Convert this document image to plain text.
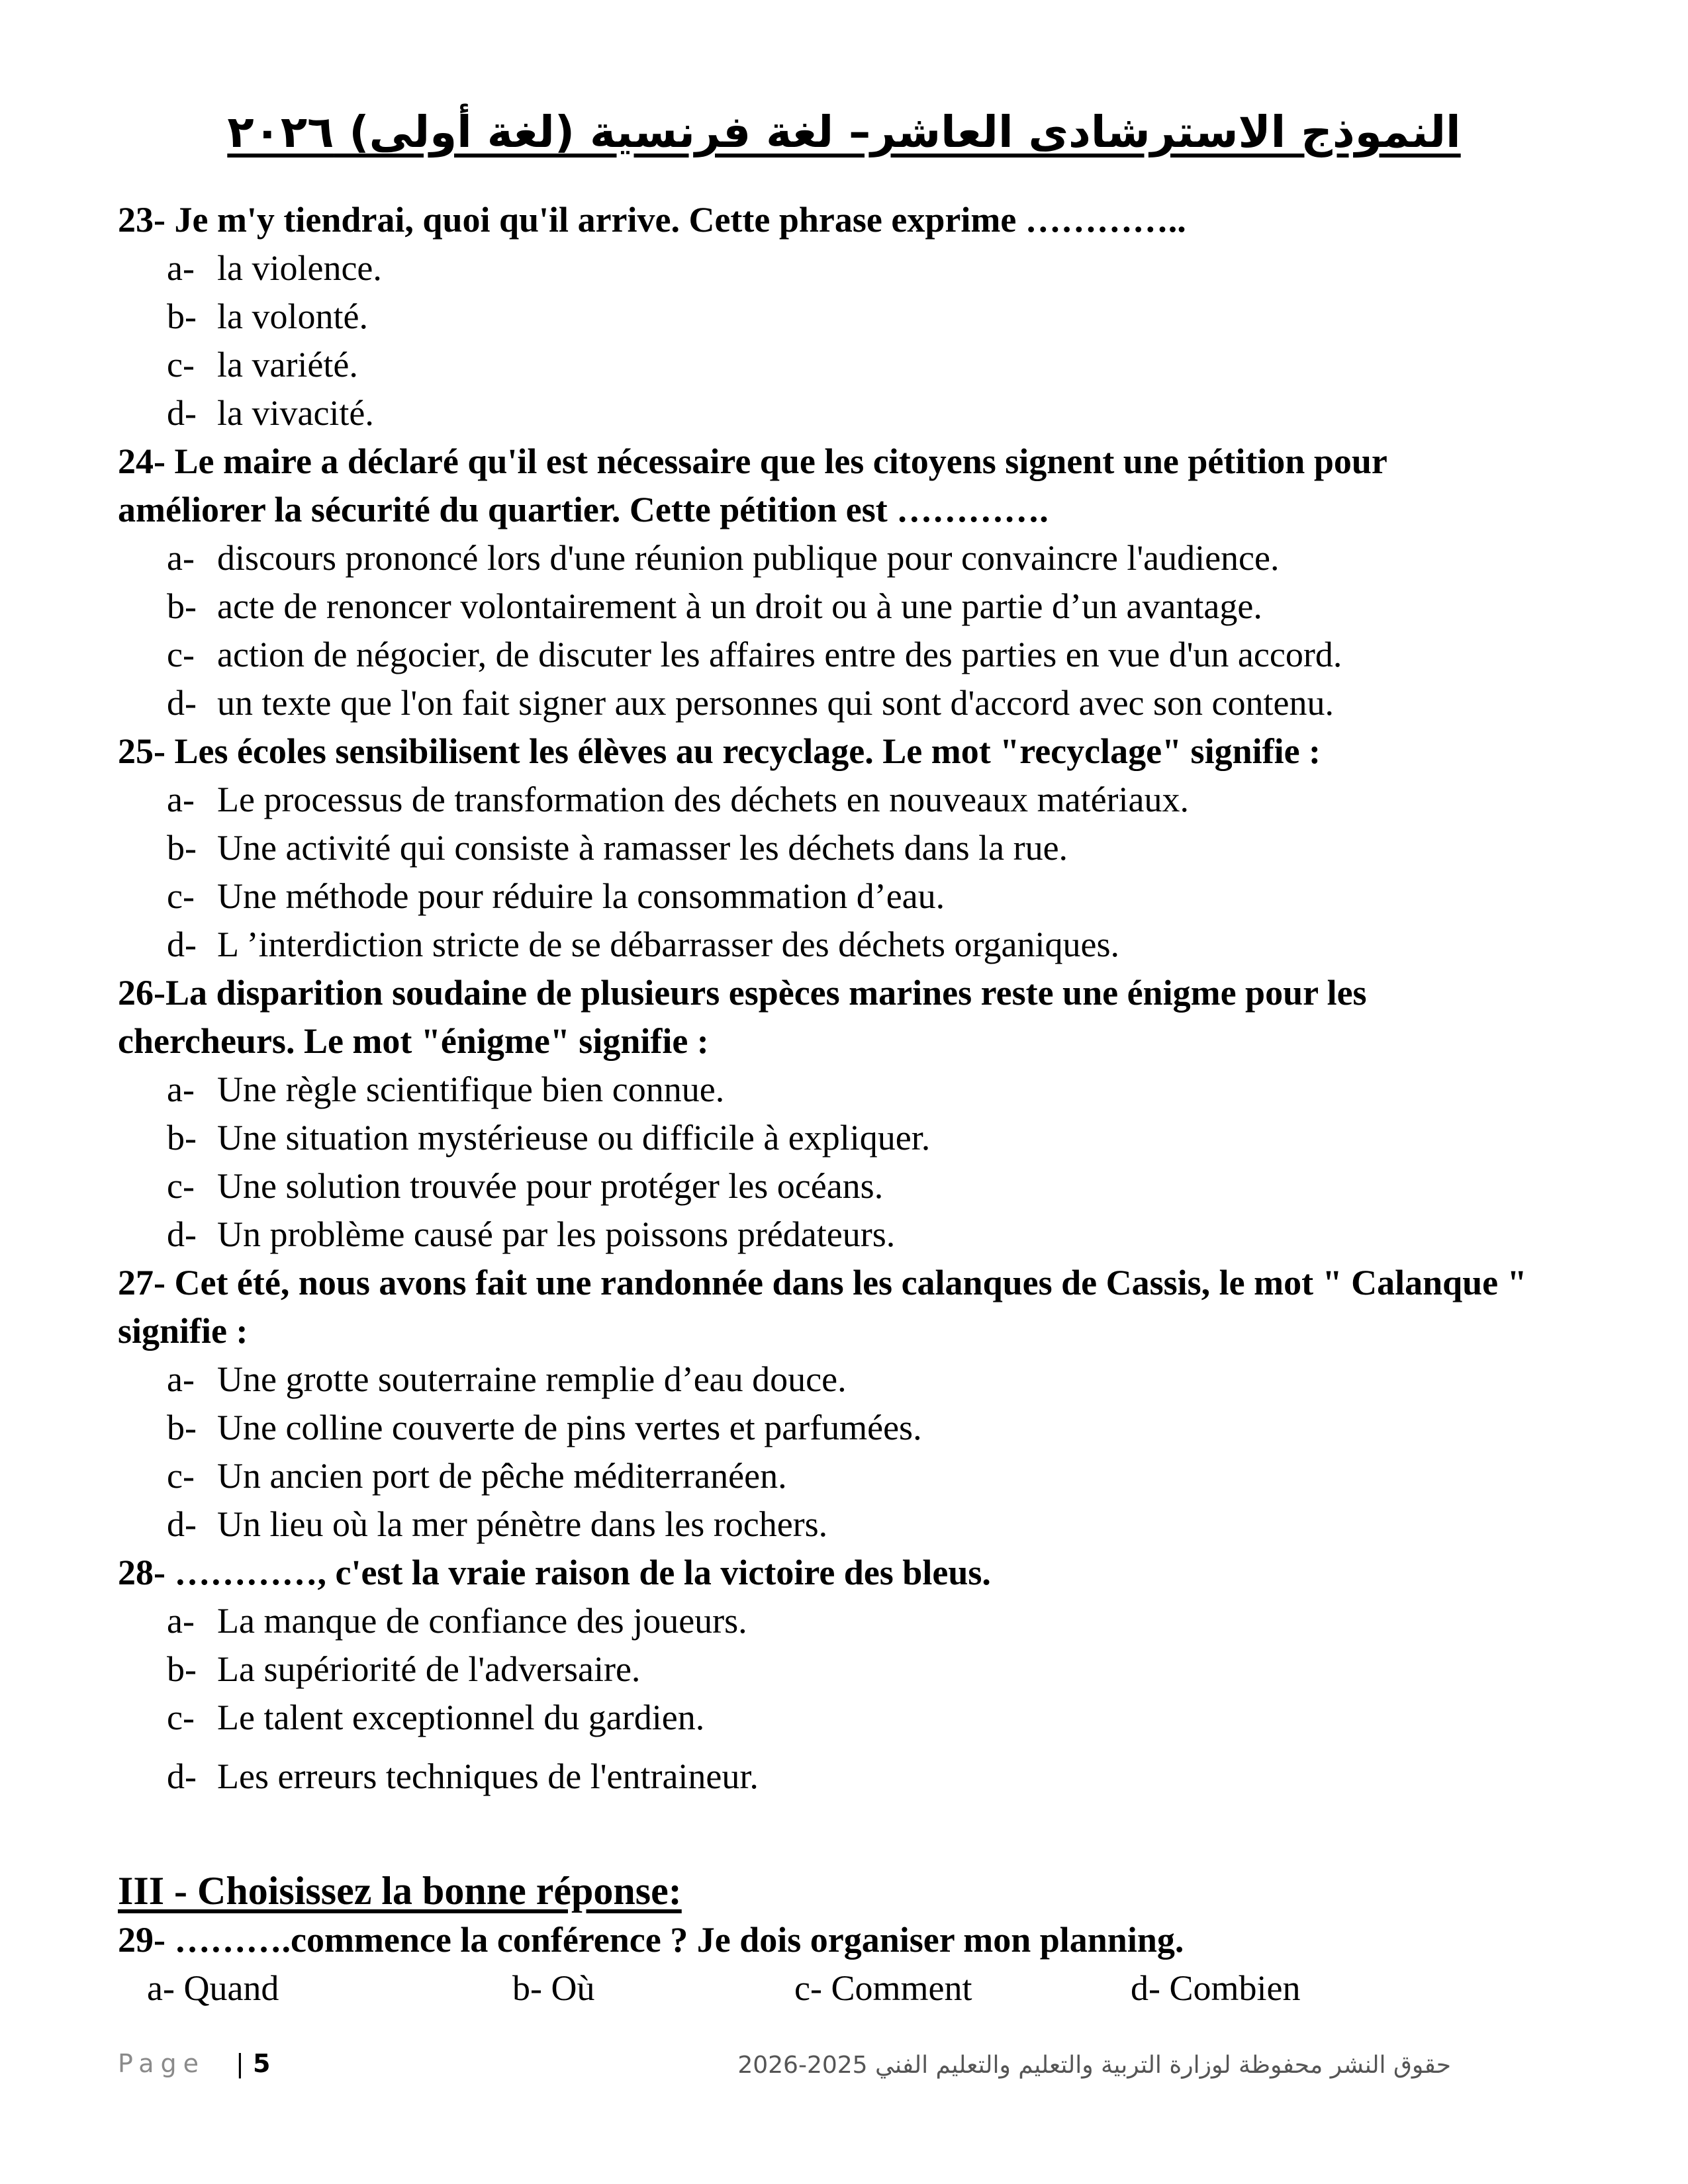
النموذج الاسترشادى العاشر– لغة فرنسية (لغة أولى) ٢٠٢٦
23- Je m'y tiendrai, quoi qu'il arrive. Cette phrase exprime …………..
a- la violence.
b- la volonté.
c- la variété.
d- la vivacité.
24- Le maire a déclaré qu'il est nécessaire que les citoyens signent une pétition pour améliorer la sécurité du quartier. Cette pétition est ………….
a- discours prononcé lors d'une réunion publique pour convaincre l'audience.
b- acte de renoncer volontairement à un droit ou à une partie d’un avantage.
c- action de négocier, de discuter les affaires entre des parties en vue d'un accord.
d- un texte que l'on fait signer aux personnes qui sont d'accord avec son contenu.
25- Les écoles sensibilisent les élèves au recyclage. Le mot "recyclage" signifie :
a- Le processus de transformation des déchets en nouveaux matériaux.
b- Une activité qui consiste à ramasser les déchets dans la rue.
c- Une méthode pour réduire la consommation d’eau.
d- L ’interdiction stricte de se débarrasser des déchets organiques.
26-La disparition soudaine de plusieurs espèces marines reste une énigme pour les chercheurs. Le mot "énigme" signifie :
a- Une règle scientifique bien connue.
b- Une situation mystérieuse ou difficile à expliquer.
c- Une solution trouvée pour protéger les océans.
d- Un problème causé par les poissons prédateurs.
27- Cet été, nous avons fait une randonnée dans les calanques de Cassis, le mot " Calanque " signifie :
a- Une grotte souterraine remplie d’eau douce.
b- Une colline couverte de pins vertes et parfumées.
c- Un ancien port de pêche méditerranéen.
d- Un lieu où la mer pénètre dans les rochers.
28- …………, c'est la vraie raison de la victoire des bleus.
a- La manque de confiance des joueurs.
b- La supériorité de l'adversaire.
c- Le talent exceptionnel du gardien.
d- Les erreurs techniques de l'entraineur.
III - Choisissez la bonne réponse:
29- ……….commence la conférence ? Je dois organiser mon planning.
a- Quand	b- Où	c- Comment	d- Combien
Page | 5	حقوق النشر محفوظة لوزارة التربية والتعليم والتعليم الفني 2025-2026
